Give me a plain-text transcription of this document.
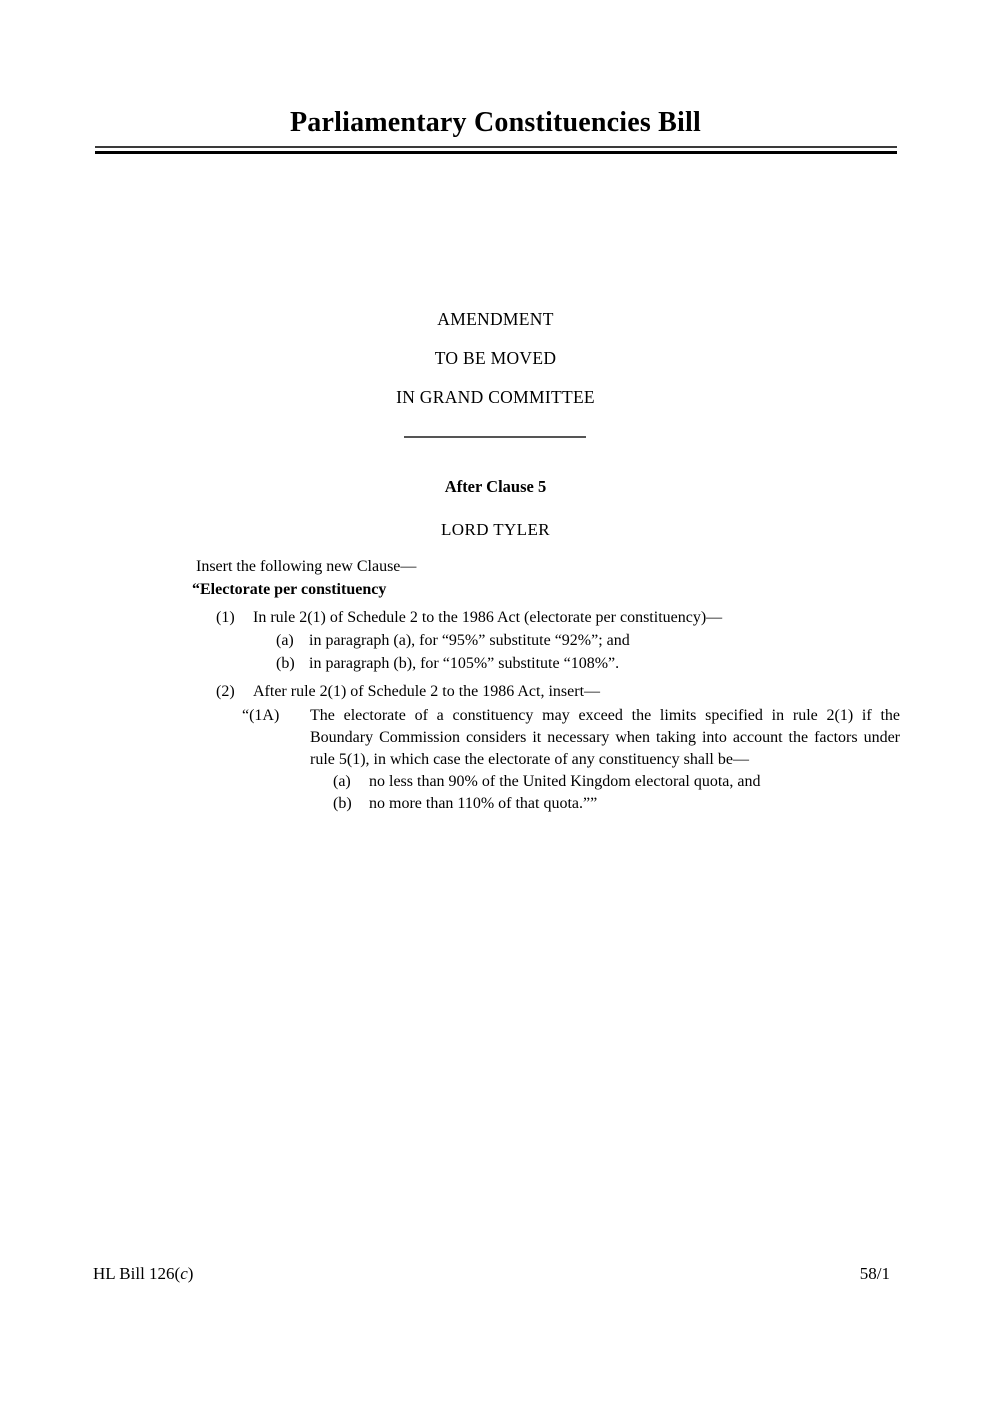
Parliamentary Constituencies Bill
AMENDMENT
TO BE MOVED
IN GRAND COMMITTEE
After Clause 5
LORD TYLER
Insert the following new Clause—
“Electorate per constituency
(1)	In rule 2(1) of Schedule 2 to the 1986 Act (electorate per constituency)—
(a) in paragraph (a), for “95%” substitute “92%”; and
(b) in paragraph (b), for “105%” substitute “108%”.
(2)	After rule 2(1) of Schedule 2 to the 1986 Act, insert—
“(1A)	The electorate of a constituency may exceed the limits specified in rule 2(1) if the Boundary Commission considers it necessary when taking into account the factors under rule 5(1), in which case the electorate of any constituency shall be—
(a)	no less than 90% of the United Kingdom electoral quota, and
(b)	no more than 110% of that quota.””
HL Bill 126(c)	58/1
